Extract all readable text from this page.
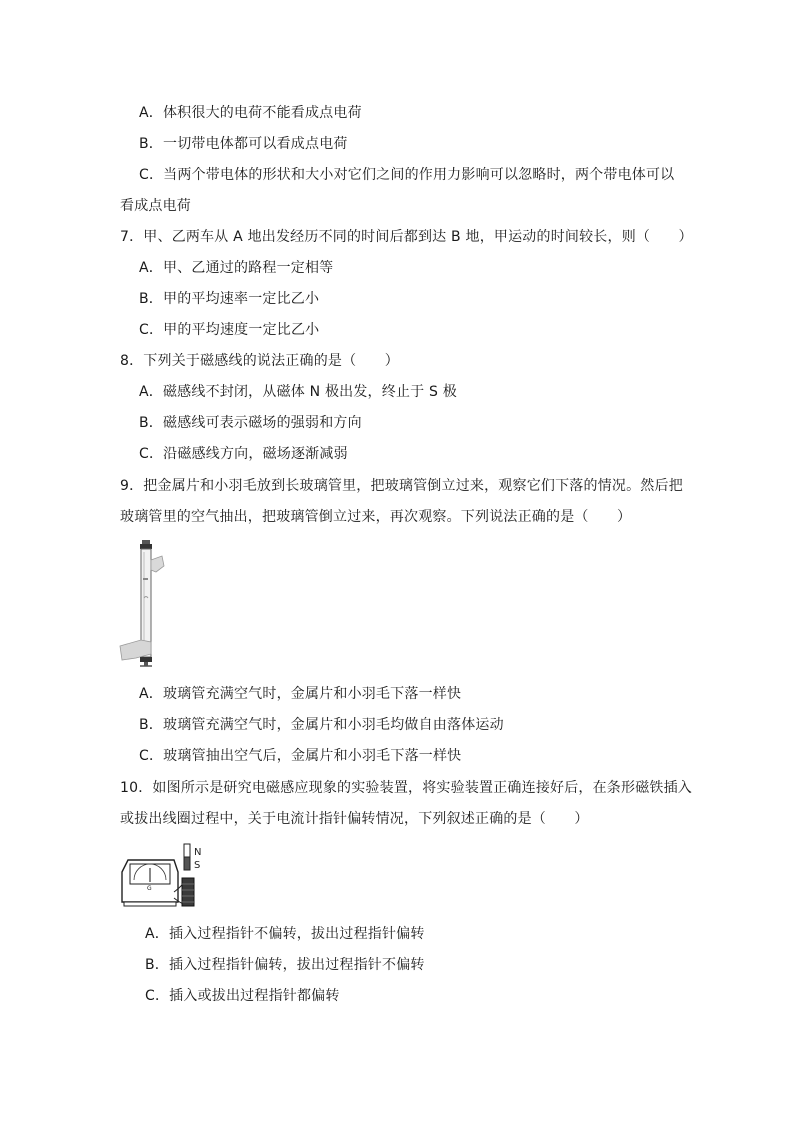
A．体积很大的电荷不能看成点电荷
B．一切带电体都可以看成点电荷
C．当两个带电体的形状和大小对它们之间的作用力影响可以忽略时，两个带电体可以
看成点电荷
7．甲、乙两车从 A 地出发经历不同的时间后都到达 B 地，甲运动的时间较长，则（　　）
A．甲、乙通过的路程一定相等
B．甲的平均速率一定比乙小
C．甲的平均速度一定比乙小
8．下列关于磁感线的说法正确的是（　　）
A．磁感线不封闭，从磁体 N 极出发，终止于 S 极
B．磁感线可表示磁场的强弱和方向
C．沿磁感线方向，磁场逐渐减弱
9．把金属片和小羽毛放到长玻璃管里，把玻璃管倒立过来，观察它们下落的情况。然后把
玻璃管里的空气抽出，把玻璃管倒立过来，再次观察。下列说法正确的是（　　）
A．玻璃管充满空气时，金属片和小羽毛下落一样快
B．玻璃管充满空气时，金属片和小羽毛均做自由落体运动
C．玻璃管抽出空气后，金属片和小羽毛下落一样快
10．如图所示是研究电磁感应现象的实验装置，将实验装置正确连接好后，在条形磁铁插入
或拔出线圈过程中，关于电流计指针偏转情况，下列叙述正确的是（　　）
G
N
S
A．插入过程指针不偏转，拔出过程指针偏转
B．插入过程指针偏转，拔出过程指针不偏转
C．插入或拔出过程指针都偏转
